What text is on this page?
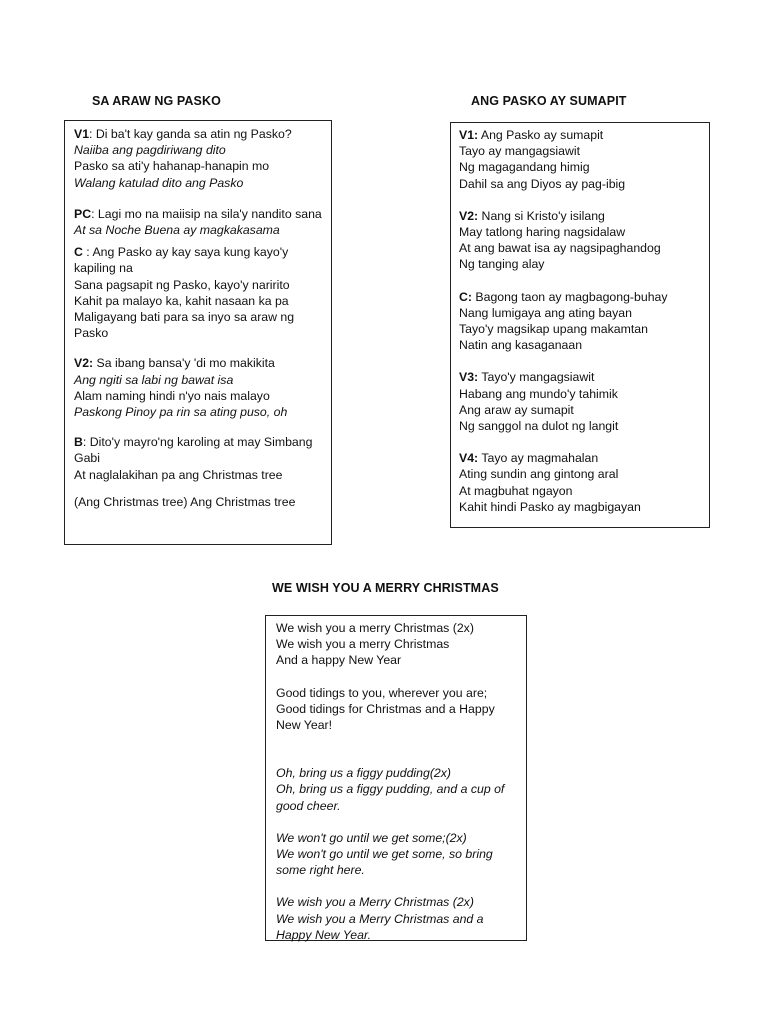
SA ARAW NG PASKO
V1: Di ba't kay ganda sa atin ng Pasko?
Naiiba ang pagdiriwang dito
Pasko sa ati'y hahanap-hanapin mo
Walang katulad dito ang Pasko
PC: Lagi mo na maiisip na sila'y nandito sana
At sa Noche Buena ay magkakasama
C : Ang Pasko ay kay saya kung kayo'y kapiling na
Sana pagsapit ng Pasko, kayo'y naririto
Kahit pa malayo ka, kahit nasaan ka pa
Maligayang bati para sa inyo sa araw ng Pasko
V2: Sa ibang bansa'y 'di mo makikita
Ang ngiti sa labi ng bawat isa
Alam naming hindi n'yo nais malayo
Paskong Pinoy pa rin sa ating puso, oh
B: Dito'y mayro'ng karoling at may Simbang Gabi
At naglalakihan pa ang Christmas tree
(Ang Christmas tree) Ang Christmas tree
ANG PASKO AY SUMAPIT
V1: Ang Pasko ay sumapit
Tayo ay mangagsiawit
Ng magagandang himig
Dahil sa ang Diyos ay pag-ibig
V2: Nang si Kristo'y isilang
May tatlong haring nagsidalaw
At ang bawat isa ay nagsipaghandog
Ng tanging alay
C: Bagong taon ay magbagong-buhay
Nang lumigaya ang ating bayan
Tayo'y magsikap upang makamtan
Natin ang kasaganaan
V3: Tayo'y mangagsiawit
Habang ang mundo'y tahimik
Ang araw ay sumapit
Ng sanggol na dulot ng langit
V4: Tayo ay magmahalan
Ating sundin ang gintong aral
At magbuhat ngayon
Kahit hindi Pasko ay magbigayan
WE WISH YOU A MERRY CHRISTMAS
We wish you a merry Christmas (2x)
We wish you a merry Christmas
And a happy New Year
Good tidings to you, wherever you are;
Good tidings for Christmas and a Happy New Year!
Oh, bring us a figgy pudding(2x)
Oh, bring us a figgy pudding, and a cup of good cheer.
We won't go until we get some;(2x)
We won't go until we get some, so bring some right here.
We wish you a Merry Christmas (2x)
We wish you a Merry Christmas and a Happy New Year.
